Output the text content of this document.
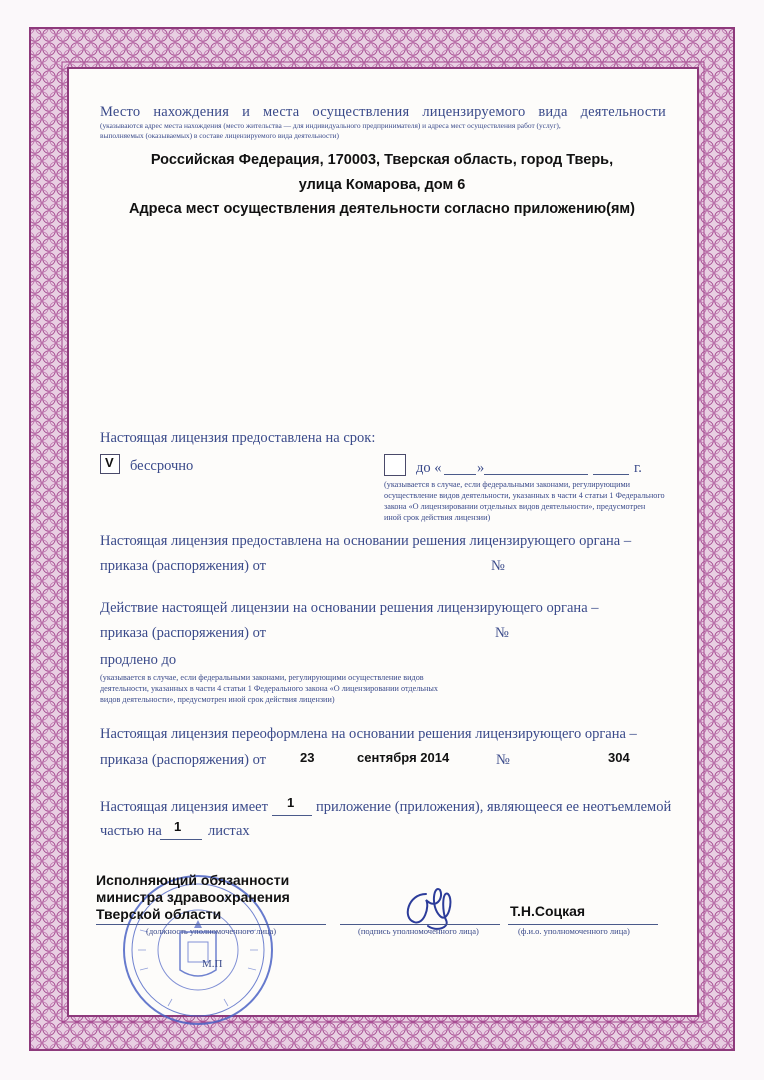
Место нахождения и места осуществления лицензируемого вида деятельности
(указываются адрес места нахождения (место жительства — для индивидуального предпринимателя) и адреса мест осуществления работ (услуг),
выполняемых (оказываемых) в составе лицензируемого вида деятельности)
Российская Федерация, 170003, Тверская область, город Тверь,
улица Комарова, дом 6
Адреса мест осуществления деятельности согласно приложению(ям)
Настоящая лицензия предоставлена на срок:
V бессрочно	до « »	г.
(указывается в случае, если федеральными законами, регулирующими
осуществление видов деятельности, указанных в части 4 статьи 1 Федерального
закона «О лицензировании отдельных видов деятельности», предусмотрен
иной срок действия лицензии)
Настоящая лицензия предоставлена на основании решения лицензирующего органа –
приказа (распоряжения) от	№
Действие настоящей лицензии на основании решения лицензирующего органа –
приказа (распоряжения) от	№
продлено до
(указывается в случае, если федеральными законами, регулирующими осуществление видов
деятельности, указанных в части 4 статьи 1 Федерального закона «О лицензировании отдельных
видов деятельности», предусмотрен иной срок действия лицензии)
Настоящая лицензия переоформлена на основании решения лицензирующего органа –
приказа (распоряжения) от	23	сентября 2014	№	304
Настоящая лицензия имеет 1 приложение (приложения), являющееся ее неотъемлемой
частью на 1 листах
М.П
Исполняющий обязанности
министра здравоохранения
Тверской области
(должность уполномоченного лица)	(подпись уполномоченного лица)
Т.Н.Соцкая
(ф.и.о. уполномоченного лица)
